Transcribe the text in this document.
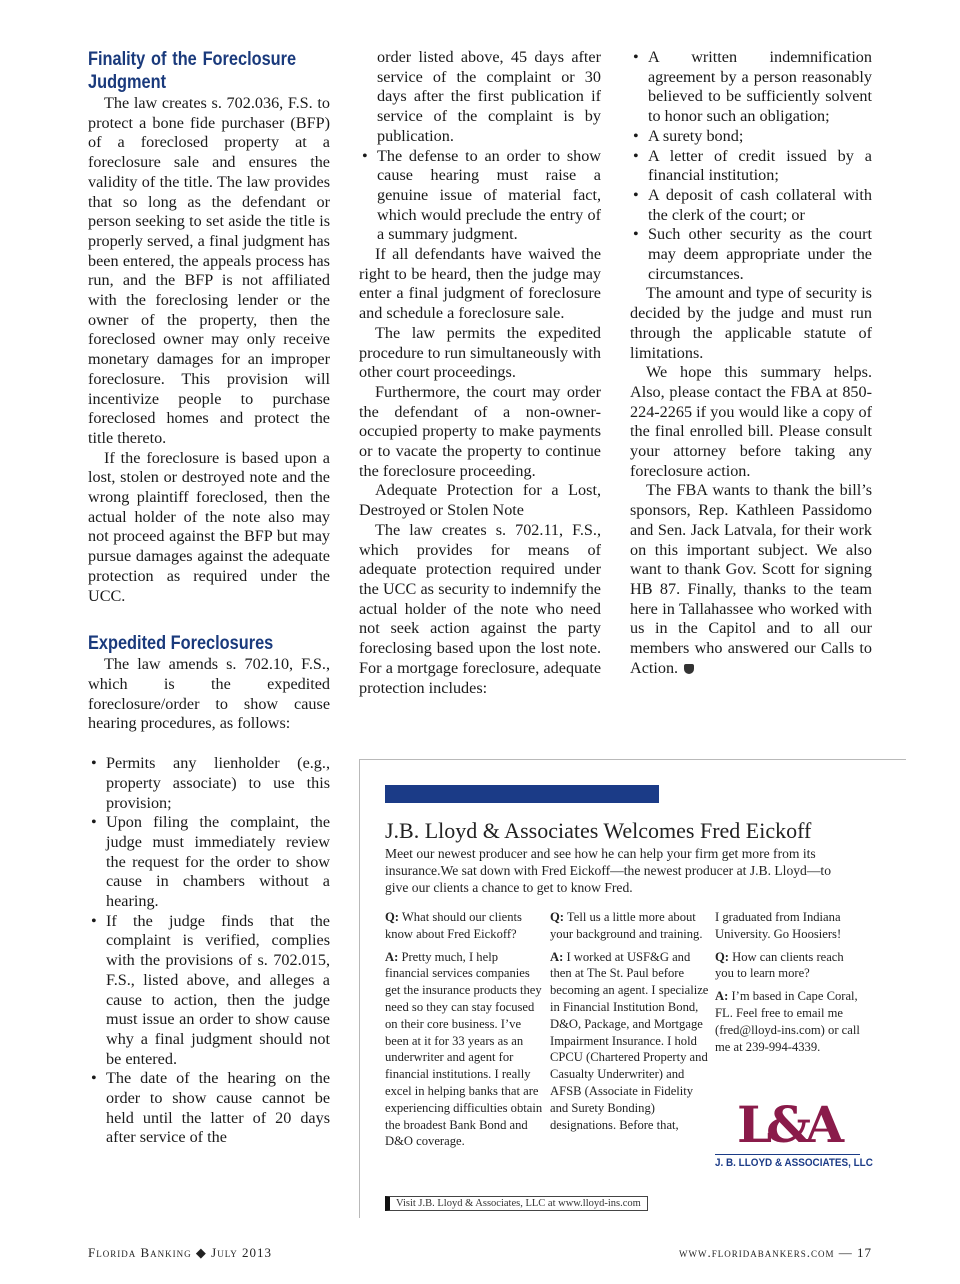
Finality of the Foreclosure Judgment

The law creates s. 702.036, F.S. to protect a bone fide purchaser (BFP) of a foreclosed property at a foreclosure sale and ensures the validity of the title. The law provides that so long as the defendant or person seeking to set aside the title is properly served, a final judgment has been entered, the appeals process has run, and the BFP is not affiliated with the foreclosing lender or the owner of the property, then the foreclosed owner may only receive monetary damages for an improper foreclosure. This provision will incentivize people to purchase foreclosed homes and protect the title thereto.

If the foreclosure is based upon a lost, stolen or destroyed note and the wrong plaintiff foreclosed, then the actual holder of the note also may not proceed against the BFP but may pursue damages against the adequate protection as required under the UCC.

Expedited Foreclosures

The law amends s. 702.10, F.S., which is the expedited foreclosure/order to show cause hearing procedures, as follows:

• Permits any lienholder (e.g., property associate) to use this provision;
• Upon filing the complaint, the judge must immediately review the request for the order to show cause in chambers without a hearing.
• If the judge finds that the complaint is verified, complies with the provisions of s. 702.015, F.S., listed above, and alleges a cause to action, then the judge must issue an order to show cause why a final judgment should not be entered.
• The date of the hearing on the order to show cause cannot be held until the latter of 20 days after service of the

order listed above, 45 days after service of the complaint or 30 days after the first publication if service of the complaint is by publication.

• The defense to an order to show cause hearing must raise a genuine issue of material fact, which would preclude the entry of a summary judgment.

If all defendants have waived the right to be heard, then the judge may enter a final judgment of foreclosure and schedule a foreclosure sale.

The law permits the expedited procedure to run simultaneously with other court proceedings.

Furthermore, the court may order the defendant of a non-owner-occupied property to make payments or to vacate the property to continue the foreclosure proceeding.

Adequate Protection for a Lost, Destroyed or Stolen Note

The law creates s. 702.11, F.S., which provides for means of adequate protection required under the UCC as security to indemnify the actual holder of the note who need not seek action against the party foreclosing based upon the lost note. For a mortgage foreclosure, adequate protection includes:

• A written indemnification agreement by a person reasonably believed to be sufficiently solvent to honor such an obligation;
• A surety bond;
• A letter of credit issued by a financial institution;
• A deposit of cash collateral with the clerk of the court; or
• Such other security as the court may deem appropriate under the circumstances.

The amount and type of security is decided by the judge and must run through the applicable statute of limitations.

We hope this summary helps. Also, please contact the FBA at 850-224-2265 if you would like a copy of the final enrolled bill. Please consult your attorney before taking any foreclosure action.

The FBA wants to thank the bill’s sponsors, Rep. Kathleen Passidomo and Sen. Jack Latvala, for their work on this important subject. We also want to thank Gov. Scott for signing HB 87. Finally, thanks to the team here in Tallahassee who worked with us in the Capitol and to all our members who answered our Calls to Action.

J.B. Lloyd & Associates Welcomes Fred Eickoff
Meet our newest producer and see how he can help your firm get more from its insurance.We sat down with Fred Eickoff—the newest producer at J.B. Lloyd—to give our clients a chance to get to know Fred.

Q: What should our clients know about Fred Eickoff?

A: Pretty much, I help financial services companies get the insurance products they need so they can stay focused on their core business. I’ve been at it for 33 years as an underwriter and agent for financial institutions. I really excel in helping banks that are experiencing difficulties obtain the broadest Bank Bond and D&O coverage.

Q: Tell us a little more about your background and training.

A: I worked at USF&G and then at The St. Paul before becoming an agent. I specialize in Financial Institution Bond, D&O, Package, and Mortgage Impairment Insurance. I hold CPCU (Chartered Property and Casualty Underwriter) and AFSB (Associate in Fidelity and Surety Bonding) designations. Before that,

I graduated from Indiana University. Go Hoosiers!

Q: How can clients reach you to learn more?

A: I’m based in Cape Coral, FL. Feel free to email me (fred@lloyd-ins.com) or call me at 239-994-4339.

L&A
J. B. LLOYD & ASSOCIATES, LLC
Visit J.B. Lloyd & Associates, LLC at www.lloyd-ins.com
Florida Banking ◆ July 2013	www.floridabankers.com — 17
